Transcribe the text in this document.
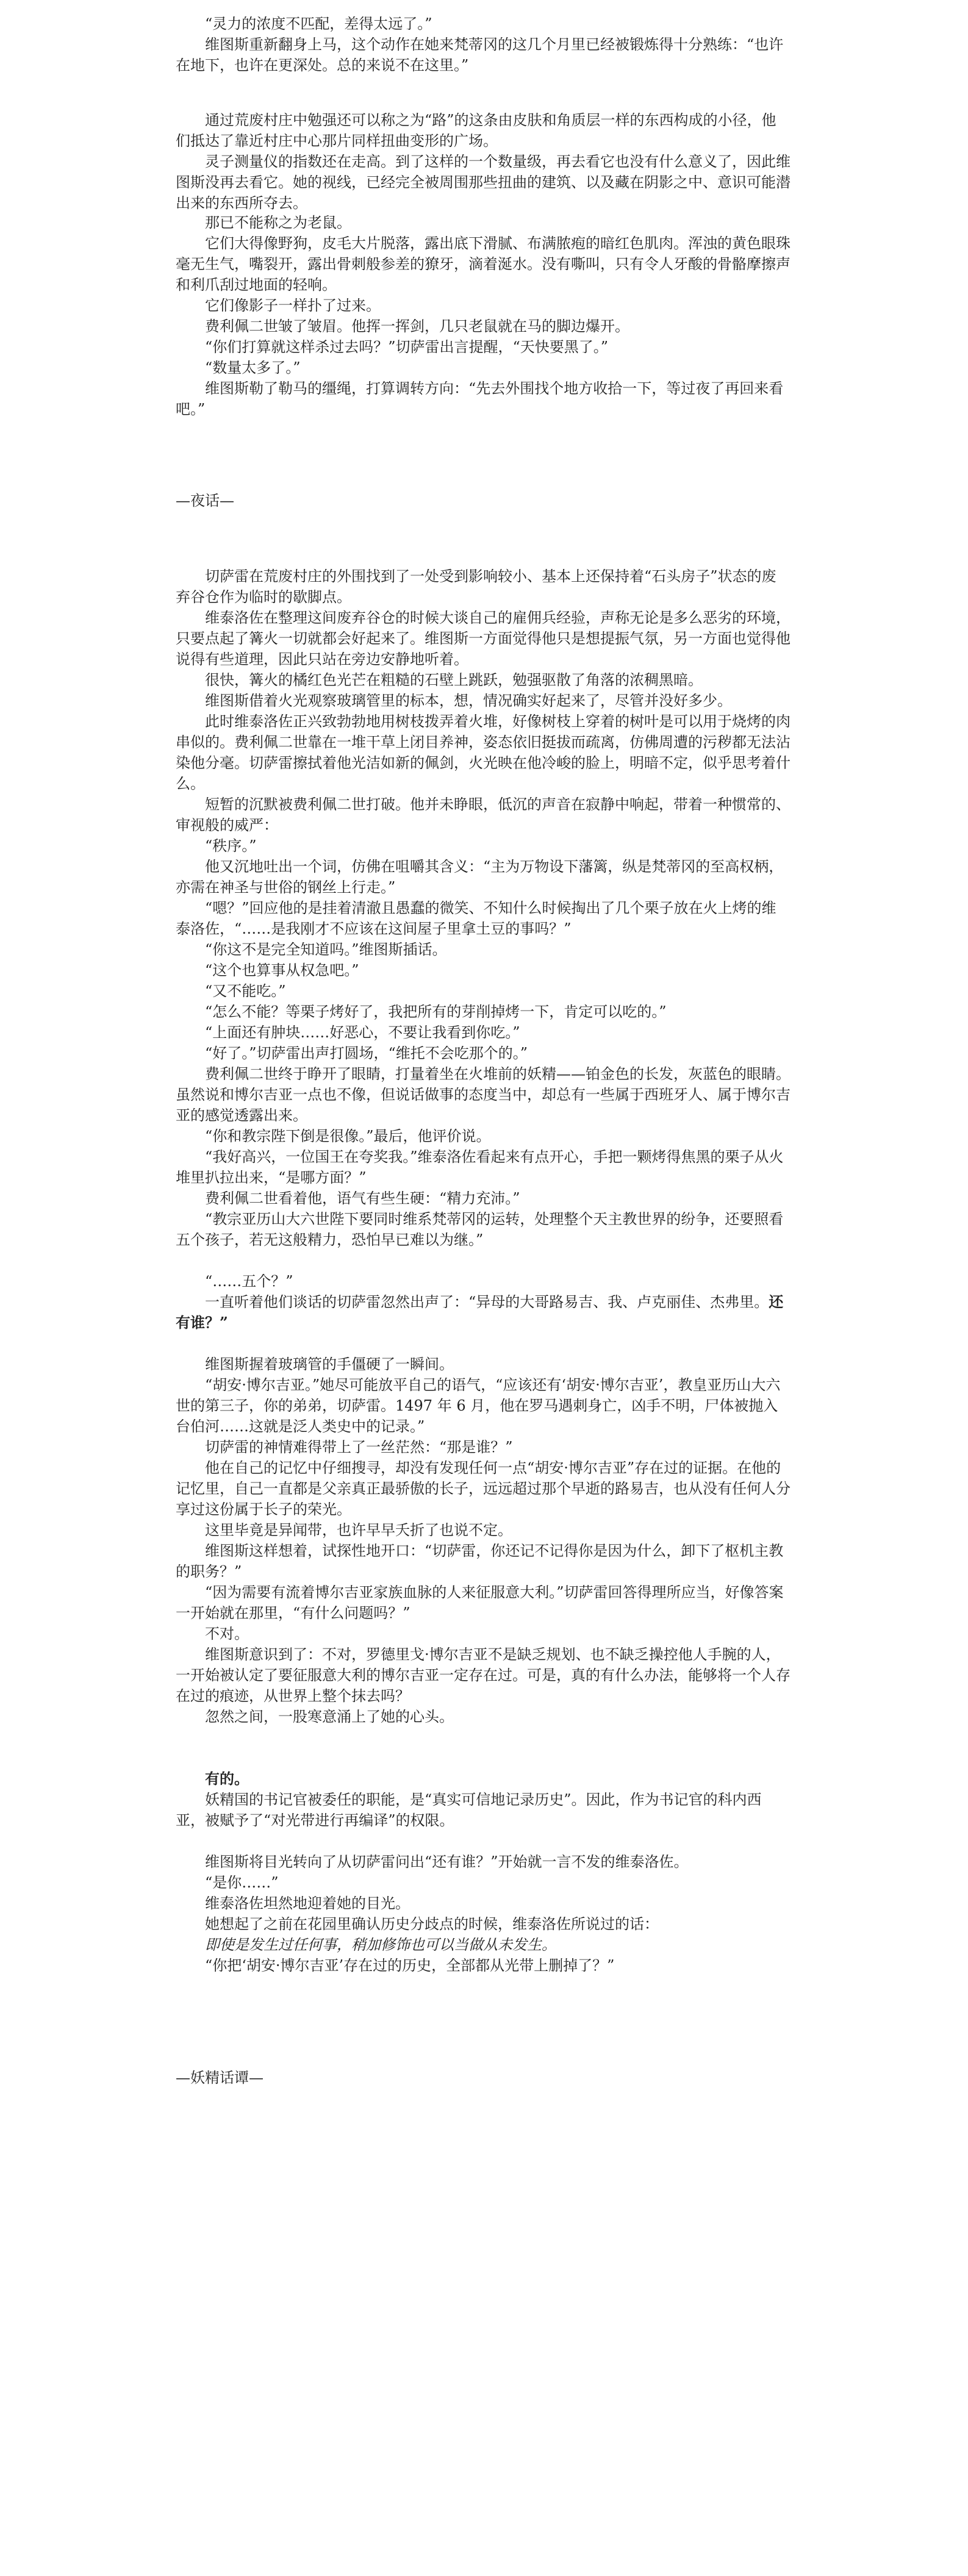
“灵力的浓度不匹配，差得太远了。”
维图斯重新翻身上马，这个动作在她来梵蒂冈的这几个月里已经被锻炼得十分熟练：“也许在地下，也许在更深处。总的来说不在这里。”
通过荒废村庄中勉强还可以称之为“路”的这条由皮肤和角质层一样的东西构成的小径，他们抵达了靠近村庄中心那片同样扭曲变形的广场。
灵子测量仪的指数还在走高。到了这样的一个数量级，再去看它也没有什么意义了，因此维图斯没再去看它。她的视线，已经完全被周围那些扭曲的建筑、以及藏在阴影之中、意识可能潜出来的东西所夺去。
那已不能称之为老鼠。
它们大得像野狗，皮毛大片脱落，露出底下滑腻、布满脓疱的暗红色肌肉。浑浊的黄色眼珠毫无生气，嘴裂开，露出骨刺般参差的獠牙，滴着涎水。没有嘶叫，只有令人牙酸的骨骼摩擦声和利爪刮过地面的轻响。
它们像影子一样扑了过来。
费利佩二世皱了皱眉。他挥一挥剑，几只老鼠就在马的脚边爆开。
“你们打算就这样杀过去吗？”切萨雷出言提醒，“天快要黑了。”
“数量太多了。”
维图斯勒了勒马的缰绳，打算调转方向：“先去外围找个地方收拾一下，等过夜了再回来看吧。”
—夜话—
切萨雷在荒废村庄的外围找到了一处受到影响较小、基本上还保持着“石头房子”状态的废弃谷仓作为临时的歇脚点。
维泰洛佐在整理这间废弃谷仓的时候大谈自己的雇佣兵经验，声称无论是多么恶劣的环境，只要点起了篝火一切就都会好起来了。维图斯一方面觉得他只是想提振气氛，另一方面也觉得他说得有些道理，因此只站在旁边安静地听着。
很快，篝火的橘红色光芒在粗糙的石壁上跳跃，勉强驱散了角落的浓稠黑暗。
维图斯借着火光观察玻璃管里的标本，想，情况确实好起来了，尽管并没好多少。
此时维泰洛佐正兴致勃勃地用树枝拨弄着火堆，好像树枝上穿着的树叶是可以用于烧烤的肉串似的。费利佩二世靠在一堆干草上闭目养神，姿态依旧挺拔而疏离，仿佛周遭的污秽都无法沾染他分毫。切萨雷擦拭着他光洁如新的佩剑，火光映在他冷峻的脸上，明暗不定，似乎思考着什么。
短暂的沉默被费利佩二世打破。他并未睁眼，低沉的声音在寂静中响起，带着一种惯常的、审视般的威严：
“秩序。”
他又沉地吐出一个词，仿佛在咀嚼其含义：“主为万物设下藩篱，纵是梵蒂冈的至高权柄，亦需在神圣与世俗的钢丝上行走。”
“嗯？”回应他的是挂着清澈且愚蠢的微笑、不知什么时候掏出了几个栗子放在火上烤的维泰洛佐，“……是我刚才不应该在这间屋子里拿土豆的事吗？”
“你这不是完全知道吗。”维图斯插话。
“这个也算事从权急吧。”
“又不能吃。”
“怎么不能？等栗子烤好了，我把所有的芽削掉烤一下，肯定可以吃的。”
“上面还有肿块……好恶心，不要让我看到你吃。”
“好了。”切萨雷出声打圆场，“维托不会吃那个的。”
费利佩二世终于睁开了眼睛，打量着坐在火堆前的妖精——铂金色的长发，灰蓝色的眼睛。虽然说和博尔吉亚一点也不像，但说话做事的态度当中，却总有一些属于西班牙人、属于博尔吉亚的感觉透露出来。
“你和教宗陛下倒是很像。”最后，他评价说。
“我好高兴，一位国王在夸奖我。”维泰洛佐看起来有点开心，手把一颗烤得焦黑的栗子从火堆里扒拉出来，“是哪方面？”
费利佩二世看着他，语气有些生硬：“精力充沛。”
“教宗亚历山大六世陛下要同时维系梵蒂冈的运转，处理整个天主教世界的纷争，还要照看五个孩子，若无这般精力，恐怕早已难以为继。”
“……五个？”
一直听着他们谈话的切萨雷忽然出声了：“异母的大哥路易吉、我、卢克丽佳、杰弗里。还有谁？”
维图斯握着玻璃管的手僵硬了一瞬间。
“胡安·博尔吉亚。”她尽可能放平自己的语气，“应该还有‘胡安·博尔吉亚’，教皇亚历山大六世的第三子，你的弟弟，切萨雷。1497 年 6 月，他在罗马遇刺身亡，凶手不明，尸体被抛入台伯河……这就是泛人类史中的记录。”
切萨雷的神情难得带上了一丝茫然：“那是谁？”
他在自己的记忆中仔细搜寻，却没有发现任何一点“胡安·博尔吉亚”存在过的证据。在他的记忆里，自己一直都是父亲真正最骄傲的长子，远远超过那个早逝的路易吉，也从没有任何人分享过这份属于长子的荣光。
这里毕竟是异闻带，也许早早夭折了也说不定。
维图斯这样想着，试探性地开口：“切萨雷，你还记不记得你是因为什么，卸下了枢机主教的职务？”
“因为需要有流着博尔吉亚家族血脉的人来征服意大利。”切萨雷回答得理所应当，好像答案一开始就在那里，“有什么问题吗？”
不对。
维图斯意识到了：不对，罗德里戈·博尔吉亚不是缺乏规划、也不缺乏操控他人手腕的人，一开始被认定了要征服意大利的博尔吉亚一定存在过。可是，真的有什么办法，能够将一个人存在过的痕迹，从世界上整个抹去吗？
忽然之间，一股寒意涌上了她的心头。
有的。
妖精国的书记官被委任的职能，是“真实可信地记录历史”。因此，作为书记官的科内西亚，被赋予了“对光带进行再编译”的权限。
维图斯将目光转向了从切萨雷问出“还有谁？”开始就一言不发的维泰洛佐。
“是你……”
维泰洛佐坦然地迎着她的目光。
她想起了之前在花园里确认历史分歧点的时候，维泰洛佐所说过的话：
即使是发生过任何事，稍加修饰也可以当做从未发生。
“你把‘胡安·博尔吉亚’存在过的历史，全部都从光带上删掉了？”
—妖精话谭—
